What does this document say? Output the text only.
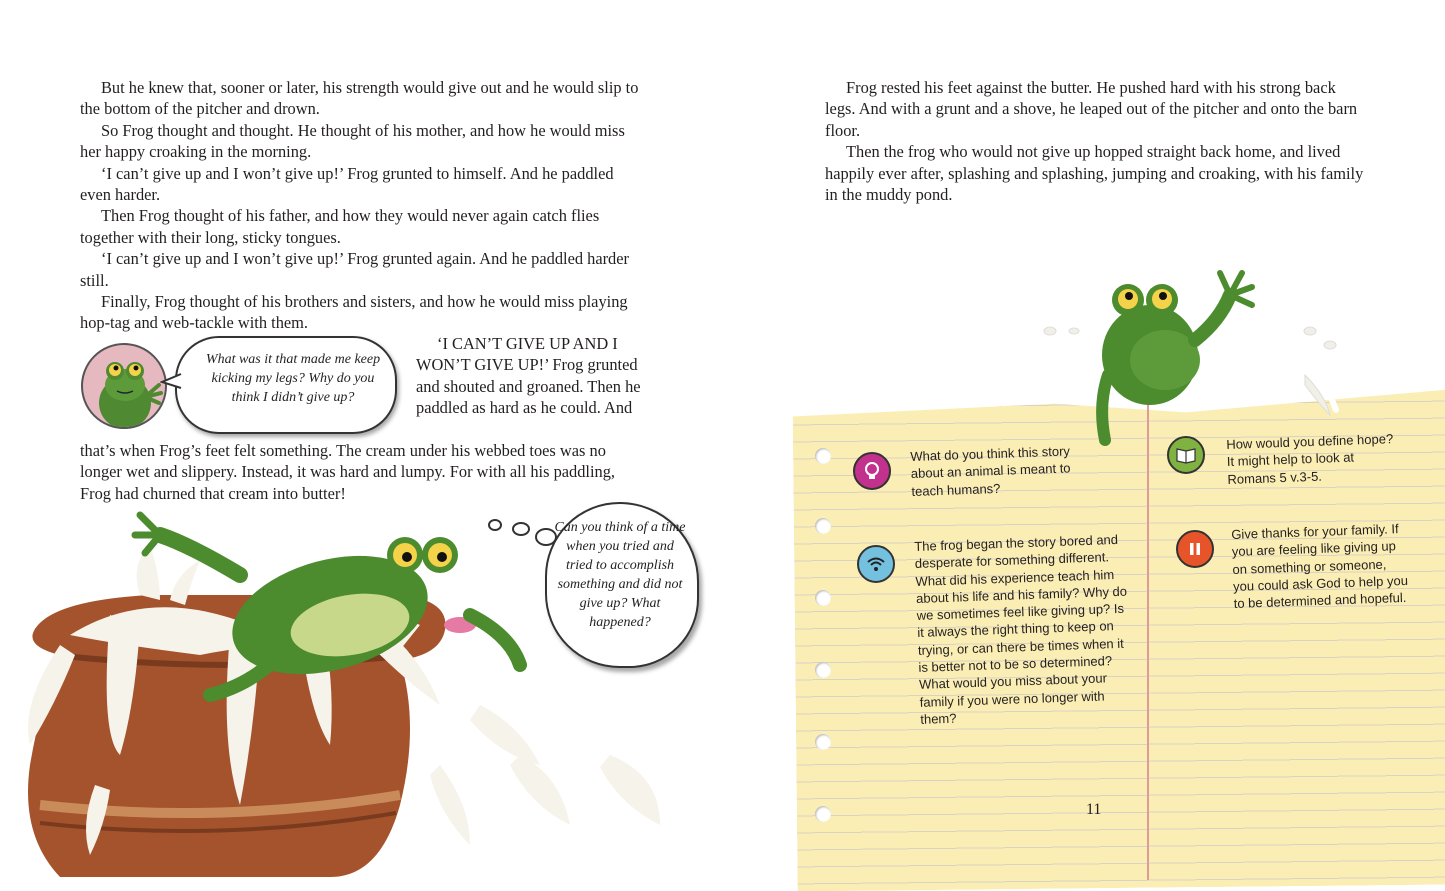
But he knew that, sooner or later, his strength would give out and he would slip to the bottom of the pitcher and drown.

So Frog thought and thought. He thought of his mother, and how he would miss her happy croaking in the morning.

‘I can’t give up and I won’t give up!’ Frog grunted to himself. And he paddled even harder.

Then Frog thought of his father, and how they would never again catch flies together with their long, sticky tongues.

‘I can’t give up and I won’t give up!’ Frog grunted again. And he paddled harder still.

Finally, Frog thought of his brothers and sisters, and how he would miss playing hop-tag and web-tackle with them.

What was it that made me keep kicking my legs? Why do you think I didn’t give up?

‘I CAN’T GIVE UP AND I WON’T GIVE UP!’ Frog grunted and shouted and groaned. Then he paddled as hard as he could. And

that’s when Frog’s feet felt something. The cream under his webbed toes was no longer wet and slippery. Instead, it was hard and lumpy. For with all his paddling, Frog had churned that cream into butter!

Can you think of a time when you tried and tried to accomplish something and did not give up? What happened?

Frog rested his feet against the butter. He pushed hard with his strong back legs. And with a grunt and a shove, he leaped out of the pitcher and onto the barn floor.

Then the frog who would not give up hopped straight back home, and lived happily ever after, splashing and splashing, jumping and croaking, with his family in the muddy pond.

What do you think this story about an animal is meant to teach humans?
How would you define hope? It might help to look at Romans 5 v.3-5.
The frog began the story bored and desperate for something different. What did his experience teach him about his life and his family? Why do we sometimes feel like giving up? Is it always the right thing to keep on trying, or can there be times when it is better not to be so determined? What would you miss about your family if you were no longer with them?
Give thanks for your family. If you are feeling like giving up on something or someone, you could ask God to help you to be determined and hopeful.
11
